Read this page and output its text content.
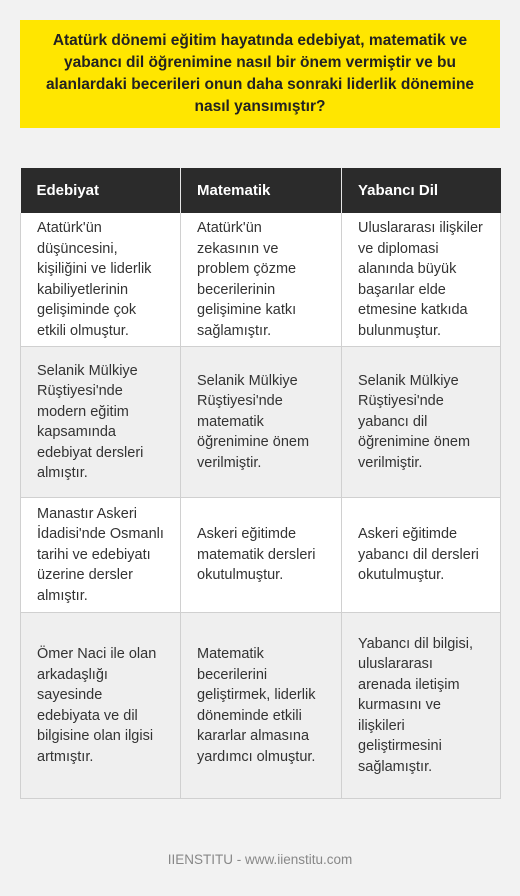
Atatürk dönemi eğitim hayatında edebiyat, matematik ve yabancı dil öğrenimine nasıl bir önem vermiştir ve bu alanlardaki becerileri onun daha sonraki liderlik dönemine nasıl yansımıştır?

Edebiyat	Matematik	Yabancı Dil
Atatürk'ün düşüncesini, kişiliğini ve liderlik kabiliyetlerinin gelişiminde çok etkili olmuştur.	Atatürk'ün zekasının ve problem çözme becerilerinin gelişimine katkı sağlamıştır.	Uluslararası ilişkiler ve diplomasi alanında büyük başarılar elde etmesine katkıda bulunmuştur.
Selanik Mülkiye Rüştiyesi'nde modern eğitim kapsamında edebiyat dersleri almıştır.	Selanik Mülkiye Rüştiyesi'nde matematik öğrenimine önem verilmiştir.	Selanik Mülkiye Rüştiyesi'nde yabancı dil öğrenimine önem verilmiştir.
Manastır Askeri İdadisi'nde Osmanlı tarihi ve edebiyatı üzerine dersler almıştır.	Askeri eğitimde matematik dersleri okutulmuştur.	Askeri eğitimde yabancı dil dersleri okutulmuştur.
Ömer Naci ile olan arkadaşlığı sayesinde edebiyata ve dil bilgisine olan ilgisi artmıştır.	Matematik becerilerini geliştirmek, liderlik döneminde etkili kararlar almasına yardımcı olmuştur.	Yabancı dil bilgisi, uluslararası arenada iletişim kurmasını ve ilişkileri geliştirmesini sağlamıştır.
IIENSTITU - www.iienstitu.com
